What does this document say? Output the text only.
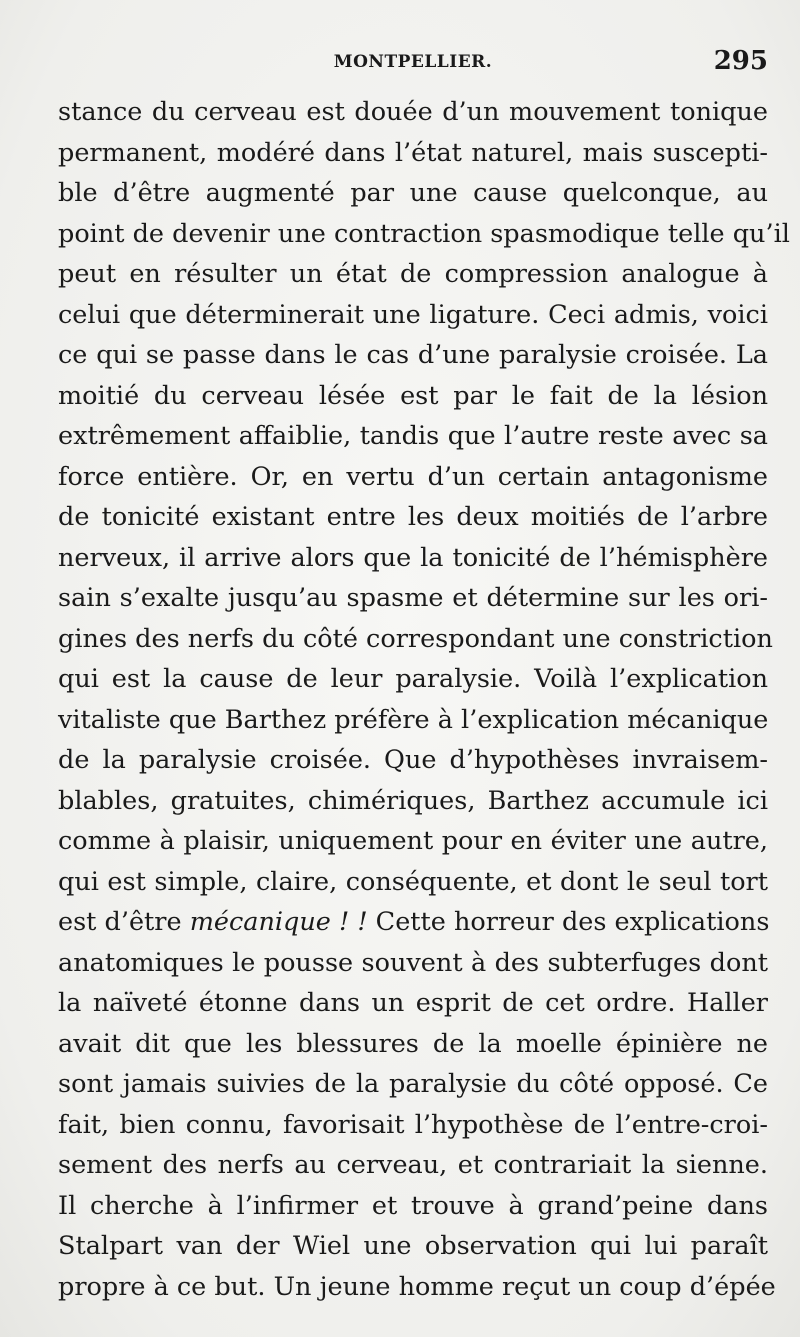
MONTPELLIER.	295
stance du cerveau est douée d’un mouvement tonique
permanent, modéré dans l’état naturel, mais suscepti-
ble d’être augmenté par une cause quelconque, au
point de devenir une contraction spasmodique telle qu’il
peut en résulter un état de compression analogue à
celui que déterminerait une ligature. Ceci admis, voici
ce qui se passe dans le cas d’une paralysie croisée. La
moitié du cerveau lésée est par le fait de la lésion
extrêmement affaiblie, tandis que l’autre reste avec sa
force entière. Or, en vertu d’un certain antagonisme
de tonicité existant entre les deux moitiés de l’arbre
nerveux, il arrive alors que la tonicité de l’hémisphère
sain s’exalte jusqu’au spasme et détermine sur les ori-
gines des nerfs du côté correspondant une constriction
qui est la cause de leur paralysie. Voilà l’explication
vitaliste que Barthez préfère à l’explication mécanique
de la paralysie croisée. Que d’hypothèses invraisem-
blables, gratuites, chimériques, Barthez accumule ici
comme à plaisir, uniquement pour en éviter une autre,
qui est simple, claire, conséquente, et dont le seul tort
est d’être mécanique ! ! Cette horreur des explications
anatomiques le pousse souvent à des subterfuges dont
la naïveté étonne dans un esprit de cet ordre. Haller
avait dit que les blessures de la moelle épinière ne
sont jamais suivies de la paralysie du côté opposé. Ce
fait, bien connu, favorisait l’hypothèse de l’entre-croi-
sement des nerfs au cerveau, et contrariait la sienne.
Il cherche à l’infirmer et trouve à grand’peine dans
Stalpart van der Wiel une observation qui lui paraît
propre à ce but. Un jeune homme reçut un coup d’épée
